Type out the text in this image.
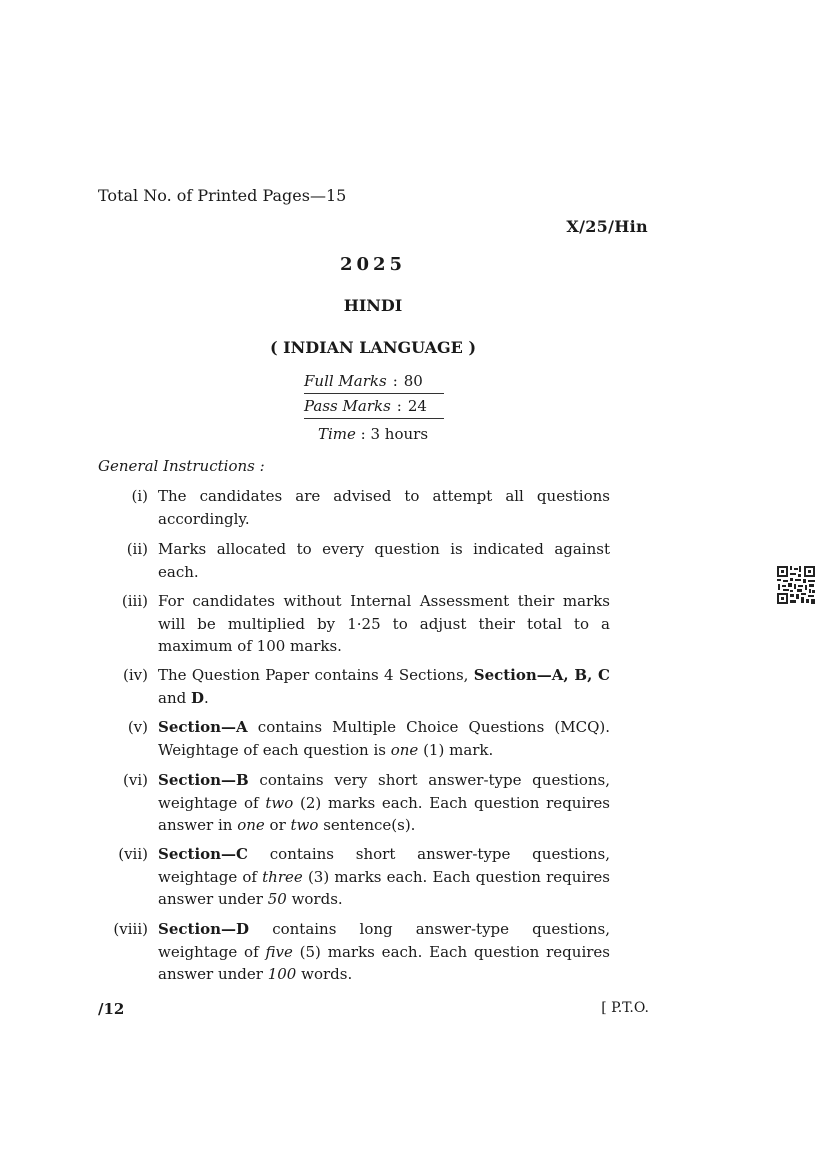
Total No. of Printed Pages—15
X/25/Hin
2025
HINDI
( INDIAN LANGUAGE )
Full Marks : 80
Pass Marks : 24
Time : 3 hours
General Instructions :
(i) The candidates are advised to attempt all questions accordingly.
(ii) Marks allocated to every question is indicated against each.
(iii) For candidates without Internal Assessment their marks will be multiplied by 1·25 to adjust their total to a maximum of 100 marks.
(iv) The Question Paper contains 4 Sections, Section—A, B, C and D.
(v) Section—A contains Multiple Choice Questions (MCQ). Weightage of each question is one (1) mark.
(vi) Section—B contains very short answer-type questions, weightage of two (2) marks each. Each question requires answer in one or two sentence(s).
(vii) Section—C contains short answer-type questions, weightage of three (3) marks each. Each question requires answer under 50 words.
(viii) Section—D contains long answer-type questions, weightage of five (5) marks each. Each question requires answer under 100 words.
/12	[ P.T.O.
